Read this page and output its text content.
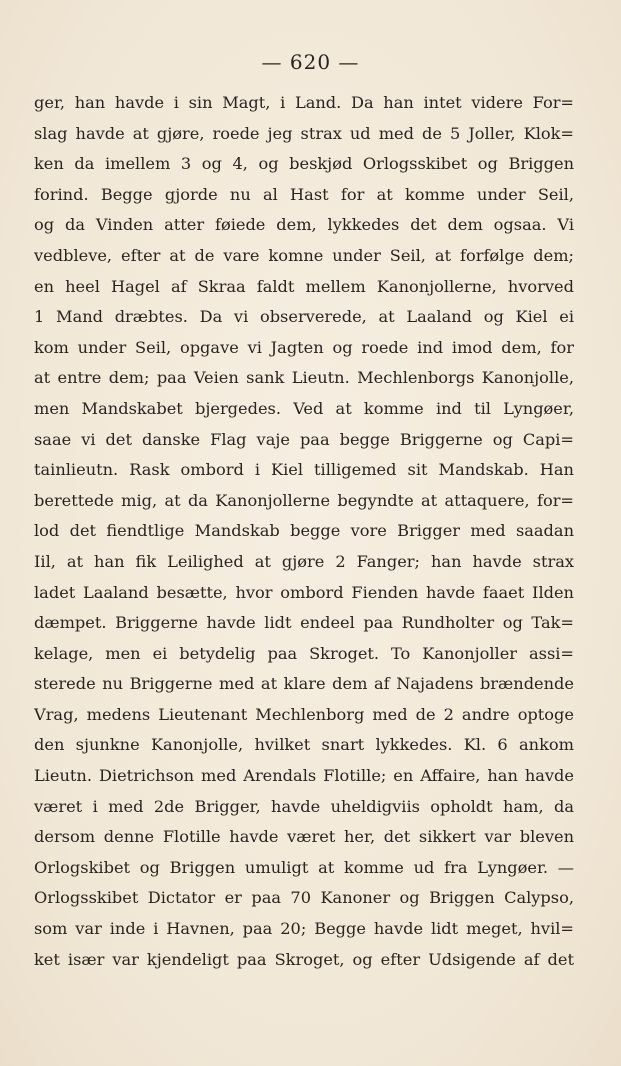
— 620 —
ger, han havde i sin Magt, i Land. Da han intet videre For=
slag havde at gjøre, roede jeg strax ud med de 5 Joller, Klok=
ken da imellem 3 og 4, og beskjød Orlogsskibet og Briggen
forind. Begge gjorde nu al Hast for at komme under Seil,
og da Vinden atter føiede dem, lykkedes det dem ogsaa. Vi
vedbleve, efter at de vare komne under Seil, at forfølge dem;
en heel Hagel af Skraa faldt mellem Kanonjollerne, hvorved
1 Mand dræbtes. Da vi observerede, at Laaland og Kiel ei
kom under Seil, opgave vi Jagten og roede ind imod dem, for
at entre dem; paa Veien sank Lieutn. Mechlenborgs Kanonjolle,
men Mandskabet bjergedes. Ved at komme ind til Lyngøer,
saae vi det danske Flag vaje paa begge Briggerne og Capi=
tainlieutn. Rask ombord i Kiel tilligemed sit Mandskab. Han
berettede mig, at da Kanonjollerne begyndte at attaquere, for=
lod det fiendtlige Mandskab begge vore Brigger med saadan
Iil, at han fik Leilighed at gjøre 2 Fanger; han havde strax
ladet Laaland besætte, hvor ombord Fienden havde faaet Ilden
dæmpet. Briggerne havde lidt endeel paa Rundholter og Tak=
kelage, men ei betydelig paa Skroget. To Kanonjoller assi=
sterede nu Briggerne med at klare dem af Najadens brændende
Vrag, medens Lieutenant Mechlenborg med de 2 andre optoge
den sjunkne Kanonjolle, hvilket snart lykkedes. Kl. 6 ankom
Lieutn. Dietrichson med Arendals Flotille; en Affaire, han havde
været i med 2de Brigger, havde uheldigviis opholdt ham, da
dersom denne Flotille havde været her, det sikkert var bleven
Orlogskibet og Briggen umuligt at komme ud fra Lyngøer. —
Orlogsskibet Dictator er paa 70 Kanoner og Briggen Calypso,
som var inde i Havnen, paa 20; Begge havde lidt meget, hvil=
ket især var kjendeligt paa Skroget, og efter Udsigende af det
